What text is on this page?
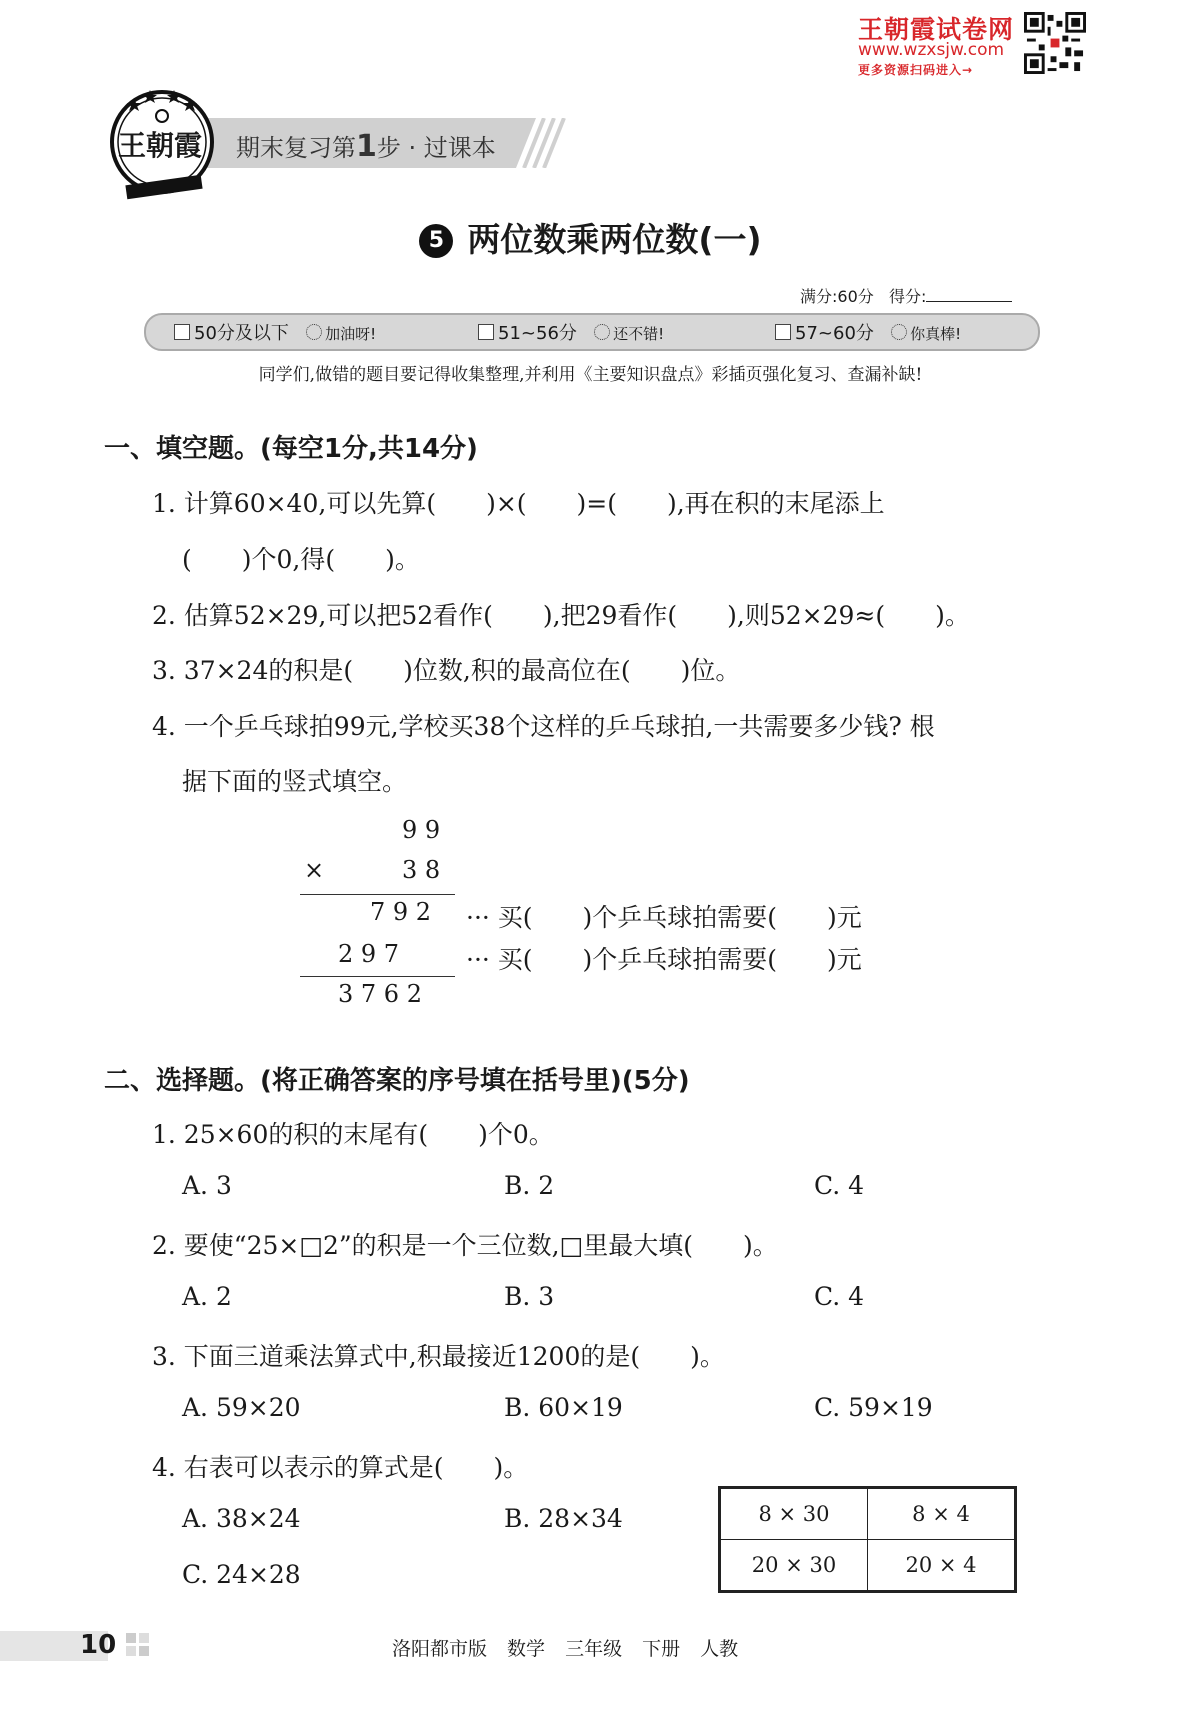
王朝霞试卷网
www.wzxsjw.com
更多资源扫码进入→
期末复习第1步 · 过课本
王朝霞
5 两位数乘两位数(一)
满分:60分 得分:
50分及以下 加油呀!	51~56分 还不错!	57~60分 你真棒!
同学们,做错的题目要记得收集整理,并利用《主要知识盘点》彩插页强化复习、查漏补缺!
一、填空题。(每空1分,共14分)
1. 计算60×40,可以先算(　　)×(　　)=(　　),再在积的末尾添上
(　　)个0,得(　　)。
2. 估算52×29,可以把52看作(　　),把29看作(　　),则52×29≈(　　)。
3. 37×24的积是(　　)位数,积的最高位在(　　)位。
4. 一个乒乓球拍99元,学校买38个这样的乒乓球拍,一共需要多少钱? 根
据下面的竖式填空。
9 9
×	3 8
7 9 2 ··· 买(　　)个乒乓球拍需要(　　)元
2 9 7	··· 买(　　)个乒乓球拍需要(　　)元
3 7 6 2
二、选择题。(将正确答案的序号填在括号里)(5分)
1. 25×60的积的末尾有(　　)个0。
A. 3	B. 2	C. 4
2. 要使“25×□2”的积是一个三位数,□里最大填(　　)。
A. 2	B. 3	C. 4
3. 下面三道乘法算式中,积最接近1200的是(　　)。
A. 59×20	B. 60×19	C. 59×19
4. 右表可以表示的算式是(　　)。
A. 38×24	B. 28×34
C. 24×28
8 × 30	8 × 4
20 × 30	20 × 4
10	洛阳都市版 数学 三年级 下册 人教
